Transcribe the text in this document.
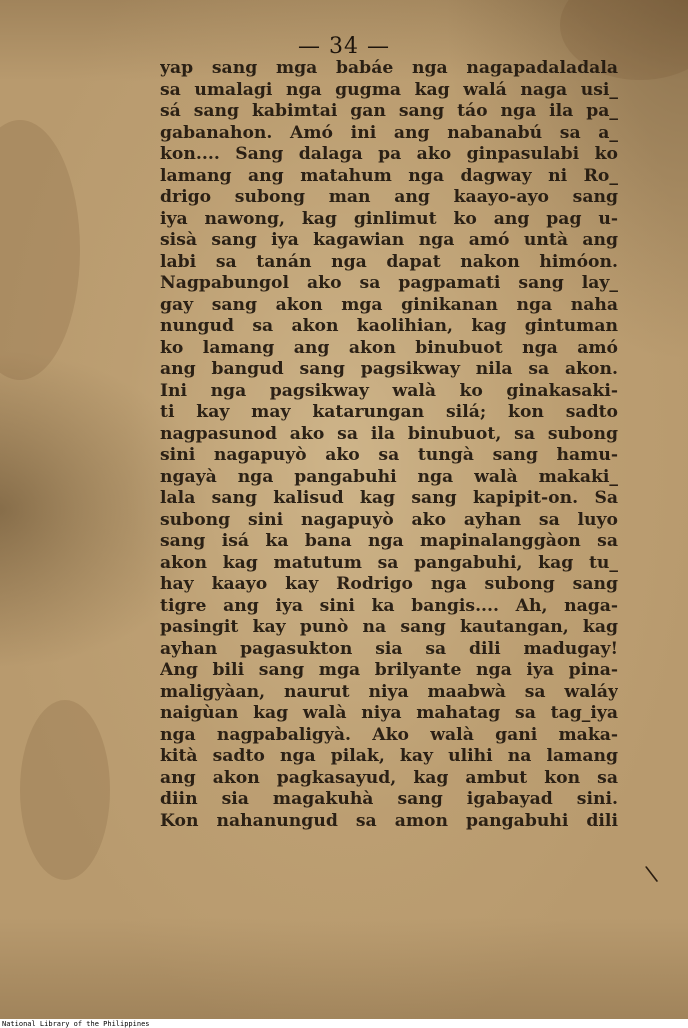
— 34 —
yap sang mga babáe nga nagapadaladala
sa umalagi nga gugma kag walá naga usi_
sá sang kabimtai gan sang táo nga ila pa_
gabanahon. Amó ini ang nabanabú sa a_
kon.... Sang dalaga pa ako ginpasulabi ko
lamang ang matahum nga dagway ni Ro_
drigo subong man ang kaayo-ayo sang
iya nawong, kag ginlimut ko ang pag u-
sisà sang iya kagawian nga amó untà ang
labi sa tanán nga dapat nakon himóon.
Nagpabungol ako sa pagpamati sang lay_
gay sang akon mga ginikanan nga naha
nungud sa akon kaolihian, kag gintuman
ko lamang ang akon binubuot nga amó
ang bangud sang pagsikway nila sa akon.
Ini nga pagsikway walà ko ginakasaki-
ti kay may katarungan silá; kon sadto
nagpasunod ako sa ila binubuot, sa subong
sini nagapuyò ako sa tungà sang hamu-
ngayà nga pangabuhi nga walà makaki_
lala sang kalisud kag sang kapipit-on. Sa
subong sini nagapuyò ako ayhan sa luyo
sang isá ka bana nga mapinalanggàon sa
akon kag matutum sa pangabuhi, kag tu_
hay kaayo kay Rodrigo nga subong sang
tigre ang iya sini ka bangis.... Ah, naga-
pasingit kay punò na sang kautangan, kag
ayhan pagasukton sia sa dili madugay!
Ang bili sang mga brilyante nga iya pina-
maligyàan, naurut niya maabwà sa waláy
naigùan kag walà niya mahatag sa tag_iya
nga nagpabaligyà. Ako walà gani maka-
kità sadto nga pilak, kay ulihi na lamang
ang akon pagkasayud, kag ambut kon sa
diin sia magakuhà sang igabayad sini.
Kon nahanungud sa amon pangabuhi dili
\
National Library of the Philippines
